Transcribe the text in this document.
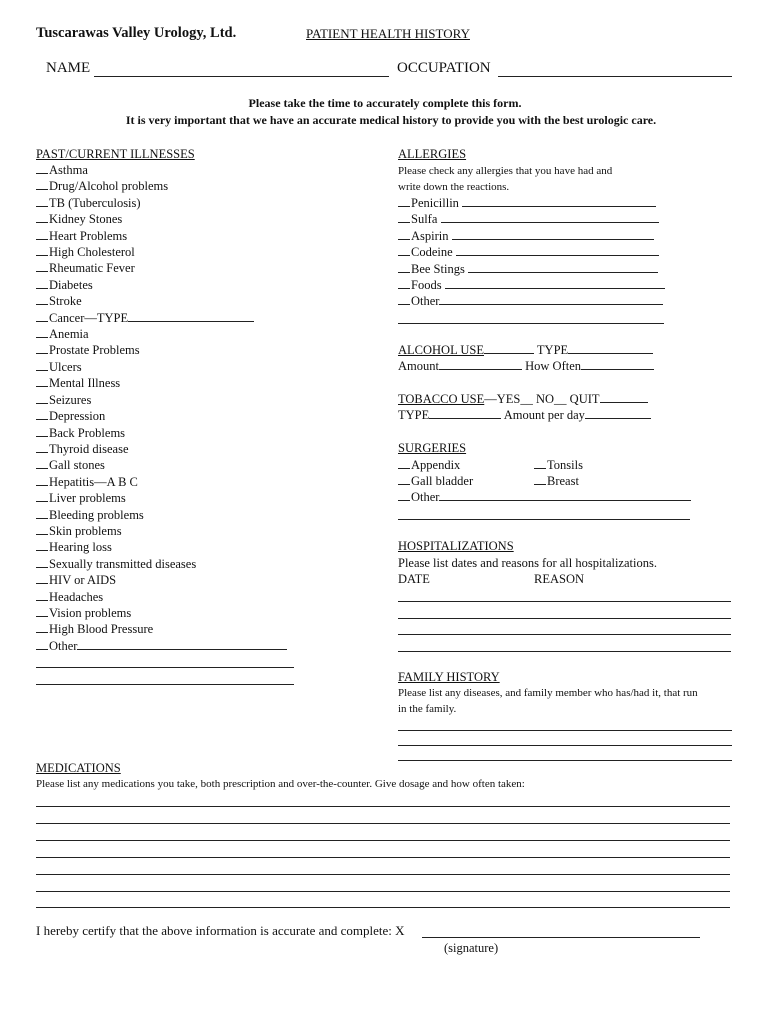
Tuscarawas Valley Urology, Ltd.	PATIENT HEALTH HISTORY
NAME	OCCUPATION
Please take the time to accurately complete this form.
It is very important that we have an accurate medical history to provide you with the best urologic care.
PAST/CURRENT ILLNESSES
Asthma
Drug/Alcohol problems
TB (Tuberculosis)
Kidney Stones
Heart Problems
High Cholesterol
Rheumatic Fever
Diabetes
Stroke
Cancer—TYPE
Anemia
Prostate Problems
Ulcers
Mental Illness
Seizures
Depression
Back Problems
Thyroid disease
Gall stones
Hepatitis—A B C
Liver problems
Bleeding problems
Skin problems
Hearing loss
Sexually transmitted diseases
HIV or AIDS
Headaches
Vision problems
High Blood Pressure
Other
ALLERGIES
Please check any allergies that you have had and
write down the reactions.
Penicillin
Sulfa
Aspirin
Codeine
Bee Stings
Foods
Other
ALCOHOL USE	TYPE
Amount	How Often
TOBACCO USE—YES__ NO__ QUIT
TYPE	Amount per day
SURGERIES
Appendix	Tonsils
Gall bladder	Breast
Other
HOSPITALIZATIONS
Please list dates and reasons for all hospitalizations.
DATE	REASON
FAMILY HISTORY
Please list any diseases, and family member who has/had it, that run
in the family.
MEDICATIONS
Please list any medications you take, both prescription and over-the-counter. Give dosage and how often taken:
I hereby certify that the above information is accurate and complete: X
(signature)
